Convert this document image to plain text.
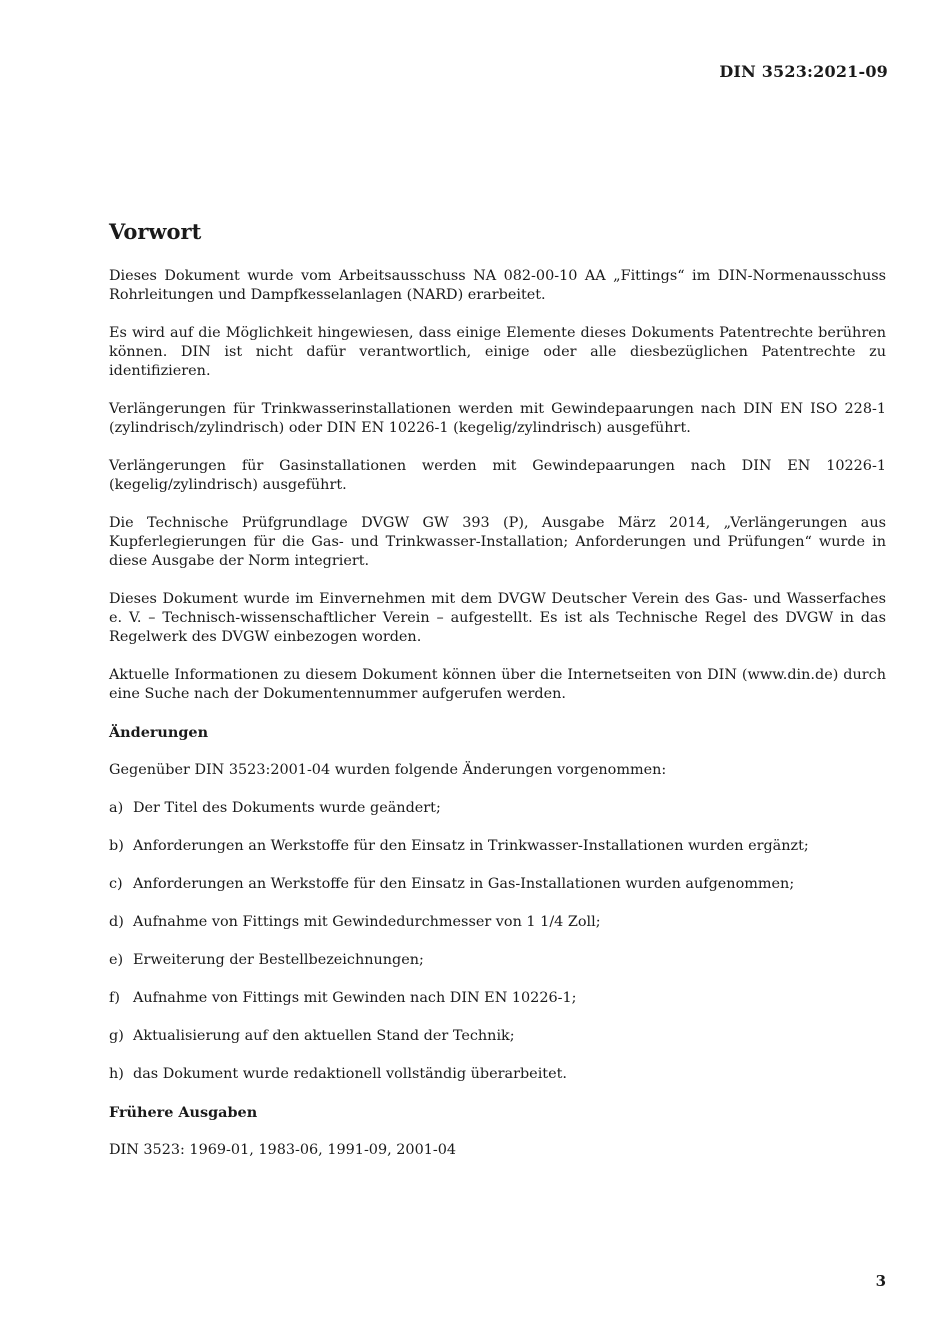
DIN 3523:2021-09
Vorwort

Dieses Dokument wurde vom Arbeitsausschuss NA 082-00-10 AA „Fittings“ im DIN-Normenausschuss Rohrleitungen und Dampfkesselanlagen (NARD) erarbeitet.

Es wird auf die Möglichkeit hingewiesen, dass einige Elemente dieses Dokuments Patentrechte berühren können. DIN ist nicht dafür verantwortlich, einige oder alle diesbezüglichen Patentrechte zu identifizieren.

Verlängerungen für Trinkwasserinstallationen werden mit Gewindepaarungen nach DIN EN ISO 228-1 (zylindrisch/zylindrisch) oder DIN EN 10226-1 (kegelig/zylindrisch) ausgeführt.

Verlängerungen für Gasinstallationen werden mit Gewindepaarungen nach DIN EN 10226-1 (kegelig/zylindrisch) ausgeführt.

Die Technische Prüfgrundlage DVGW GW 393 (P), Ausgabe März 2014, „Verlängerungen aus Kupferlegierungen für die Gas- und Trinkwasser-Installation; Anforderungen und Prüfungen“ wurde in diese Ausgabe der Norm integriert.

Dieses Dokument wurde im Einvernehmen mit dem DVGW Deutscher Verein des Gas- und Wasserfaches e. V. – Technisch-wissenschaftlicher Verein – aufgestellt. Es ist als Technische Regel des DVGW in das Regelwerk des DVGW einbezogen worden.

Aktuelle Informationen zu diesem Dokument können über die Internetseiten von DIN (www.din.de) durch eine Suche nach der Dokumentennummer aufgerufen werden.

Änderungen

Gegenüber DIN 3523:2001-04 wurden folgende Änderungen vorgenommen:

a) Der Titel des Dokuments wurde geändert;
b) Anforderungen an Werkstoffe für den Einsatz in Trinkwasser-Installationen wurden ergänzt;
c) Anforderungen an Werkstoffe für den Einsatz in Gas-Installationen wurden aufgenommen;
d) Aufnahme von Fittings mit Gewindedurchmesser von 1 1/4 Zoll;
e) Erweiterung der Bestellbezeichnungen;
f) Aufnahme von Fittings mit Gewinden nach DIN EN 10226-1;
g) Aktualisierung auf den aktuellen Stand der Technik;
h) das Dokument wurde redaktionell vollständig überarbeitet.
Frühere Ausgaben

DIN 3523: 1969-01, 1983-06, 1991-09, 2001-04

3
